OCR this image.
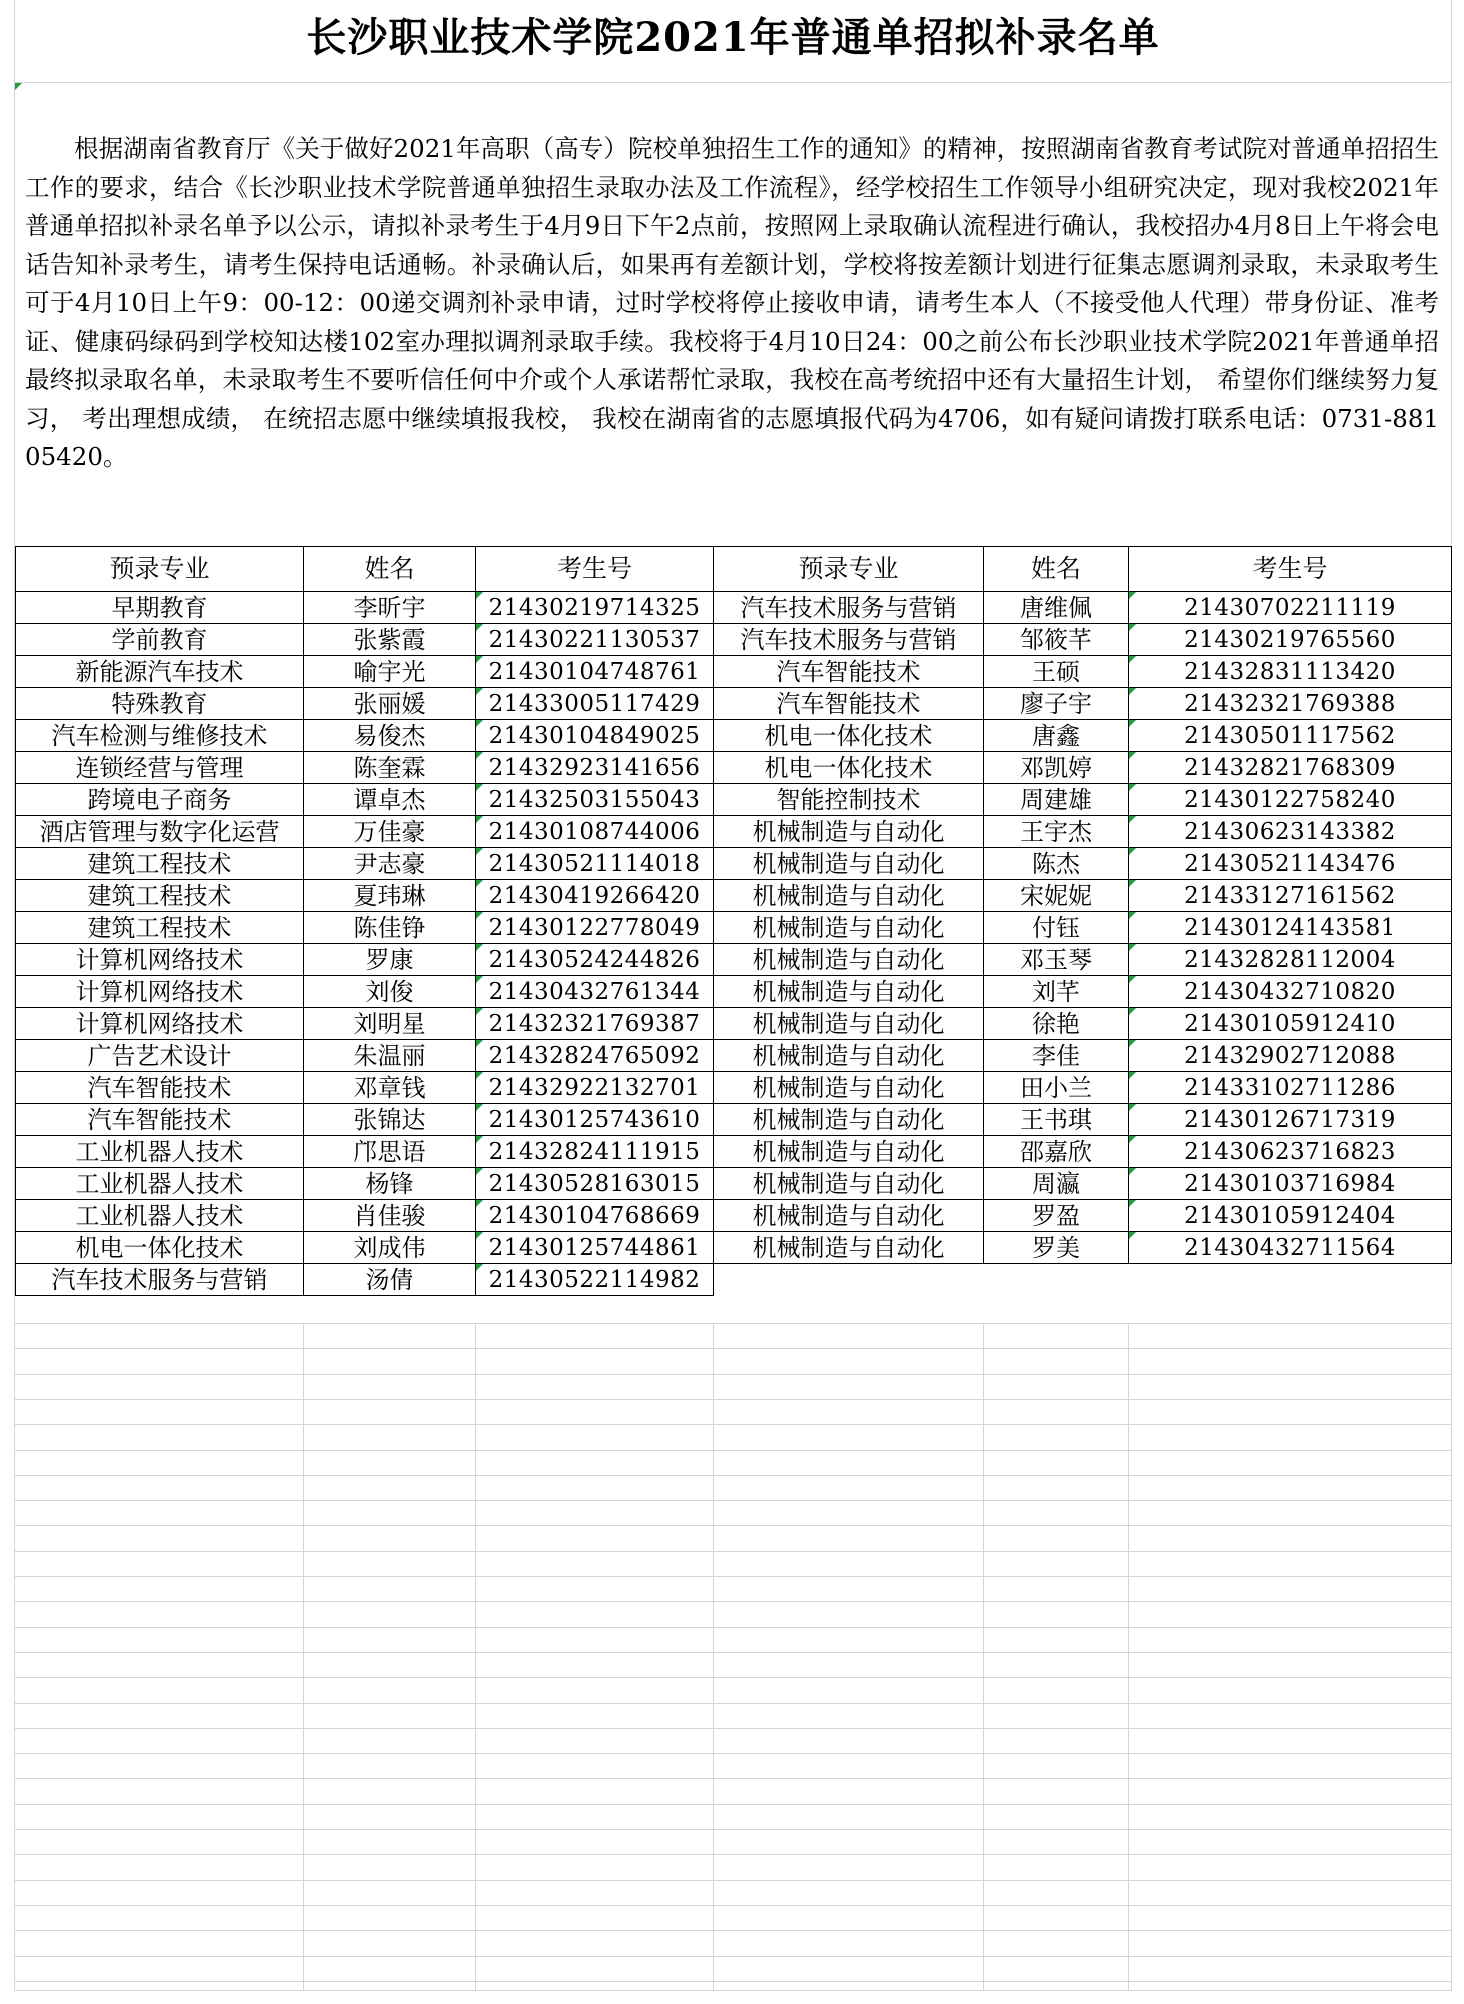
长沙职业技术学院2021年普通单招拟补录名单

根据湖南省教育厅《关于做好2021年高职（高专）院校单独招生工作的通知》的精神，按照湖南省教育考试院对普通单招招生工作的要求，结合《长沙职业技术学院普通单独招生录取办法及工作流程》，经学校招生工作领导小组研究决定，现对我校2021年普通单招拟补录名单予以公示，请拟补录考生于4月9日下午2点前，按照网上录取确认流程进行确认，我校招办4月8日上午将会电话告知补录考生，请考生保持电话通畅。补录确认后，如果再有差额计划，学校将按差额计划进行征集志愿调剂录取，未录取考生可于4月10日上午9：00-12：00递交调剂补录申请，过时学校将停止接收申请，请考生本人（不接受他人代理）带身份证、准考证、健康码绿码到学校知达楼102室办理拟调剂录取手续。我校将于4月10日24：00之前公布长沙职业技术学院2021年普通单招最终拟录取名单，未录取考生不要听信任何中介或个人承诺帮忙录取，我校在高考统招中还有大量招生计划， 希望你们继续努力复习， 考出理想成绩， 在统招志愿中继续填报我校， 我校在湖南省的志愿填报代码为4706，如有疑问请拨打联系电话：0731-88105420。

预录专业	姓名	考生号	预录专业	姓名	考生号
早期教育	李昕宇	21430219714325	汽车技术服务与营销	唐维佩	21430702211119
学前教育	张紫霞	21430221130537	汽车技术服务与营销	邹筱芊	21430219765560
新能源汽车技术	喻宇光	21430104748761	汽车智能技术	王硕	21432831113420
特殊教育	张丽媛	21433005117429	汽车智能技术	廖子宇	21432321769388
汽车检测与维修技术	易俊杰	21430104849025	机电一体化技术	唐鑫	21430501117562
连锁经营与管理	陈奎霖	21432923141656	机电一体化技术	邓凯婷	21432821768309
跨境电子商务	谭卓杰	21432503155043	智能控制技术	周建雄	21430122758240
酒店管理与数字化运营	万佳豪	21430108744006	机械制造与自动化	王宇杰	21430623143382
建筑工程技术	尹志豪	21430521114018	机械制造与自动化	陈杰	21430521143476
建筑工程技术	夏玮琳	21430419266420	机械制造与自动化	宋妮妮	21433127161562
建筑工程技术	陈佳铮	21430122778049	机械制造与自动化	付钰	21430124143581
计算机网络技术	罗康	21430524244826	机械制造与自动化	邓玉琴	21432828112004
计算机网络技术	刘俊	21430432761344	机械制造与自动化	刘芊	21430432710820
计算机网络技术	刘明星	21432321769387	机械制造与自动化	徐艳	21430105912410
广告艺术设计	朱温丽	21432824765092	机械制造与自动化	李佳	21432902712088
汽车智能技术	邓章钱	21432922132701	机械制造与自动化	田小兰	21433102711286
汽车智能技术	张锦达	21430125743610	机械制造与自动化	王书琪	21430126717319
工业机器人技术	邝思语	21432824111915	机械制造与自动化	邵嘉欣	21430623716823
工业机器人技术	杨锋	21430528163015	机械制造与自动化	周瀛	21430103716984
工业机器人技术	肖佳骏	21430104768669	机械制造与自动化	罗盈	21430105912404
机电一体化技术	刘成伟	21430125744861	机械制造与自动化	罗美	21430432711564
汽车技术服务与营销	汤倩	21430522114982			
